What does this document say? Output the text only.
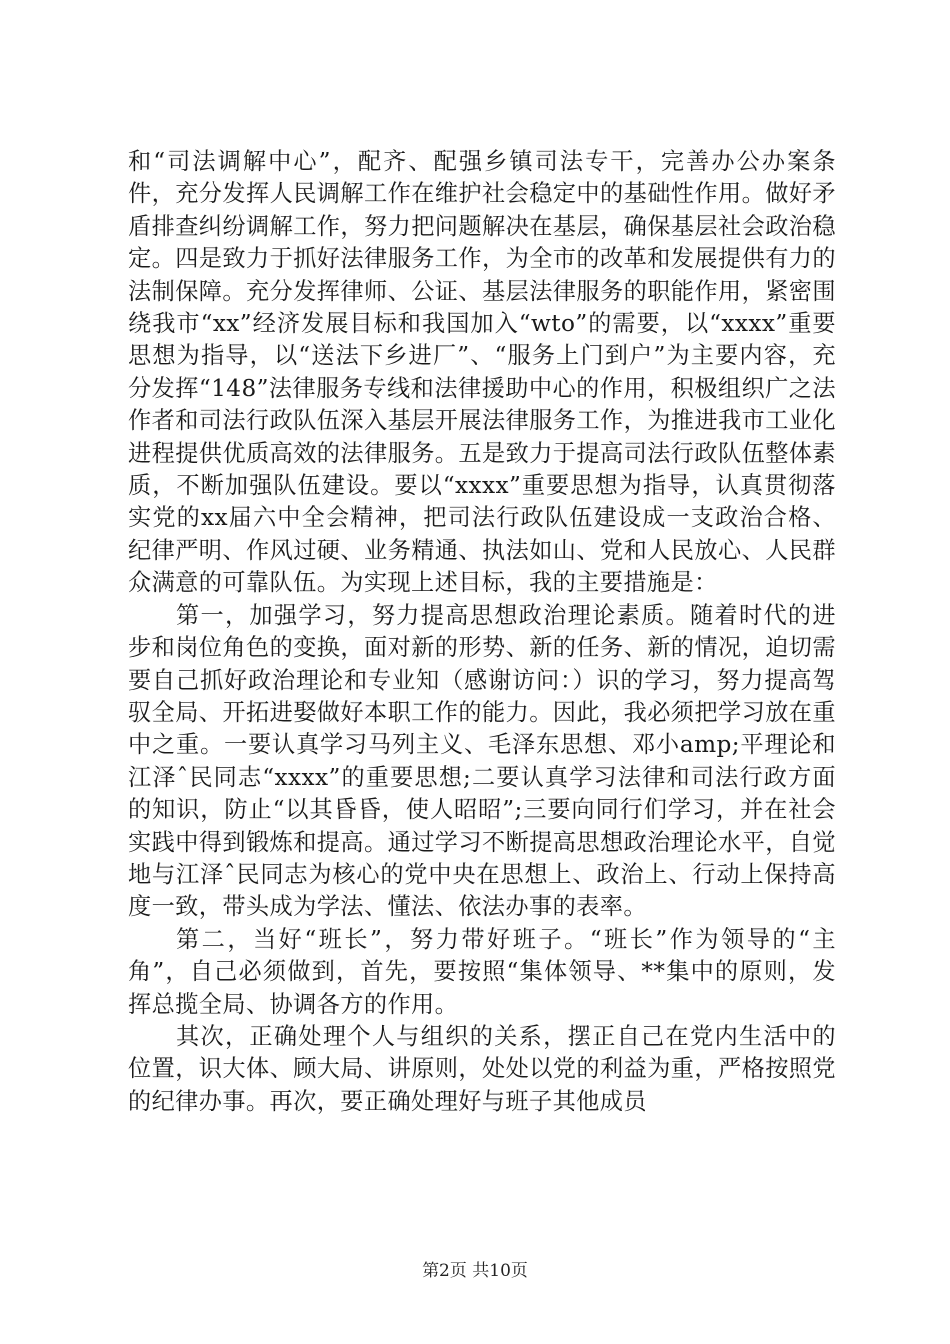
和“司法调解中心”，配齐、配强乡镇司法专干，完善办公办案条件，充分发挥人民调解工作在维护社会稳定中的基础性作用。做好矛盾排查纠纷调解工作，努力把问题解决在基层，确保基层社会政治稳定。四是致力于抓好法律服务工作，为全市的改革和发展提供有力的法制保障。充分发挥律师、公证、基层法律服务的职能作用，紧密围绕我市“xx”经济发展目标和我国加入“wto”的需要，以“xxxx”重要思想为指导，以“送法下乡进厂”、“服务上门到户”为主要内容，充分发挥“148”法律服务专线和法律援助中心的作用，积极组织广之法作者和司法行政队伍深入基层开展法律服务工作，为推进我市工业化进程提供优质高效的法律服务。五是致力于提高司法行政队伍整体素质，不断加强队伍建设。要以“xxxx”重要思想为指导，认真贯彻落实党的xx届六中全会精神，把司法行政队伍建设成一支政治合格、纪律严明、作风过硬、业务精通、执法如山、党和人民放心、人民群众满意的可靠队伍。为实现上述目标，我的主要措施是：

第一，加强学习，努力提高思想政治理论素质。随着时代的进步和岗位角色的变换，面对新的形势、新的任务、新的情况，迫切需要自己抓好政治理论和专业知（感谢访问：）识的学习，努力提高驾驭全局、开拓进娶做好本职工作的能力。因此，我必须把学习放在重中之重。一要认真学习马列主义、毛泽东思想、邓小amp;平理论和江泽ˆ民同志“xxxx”的重要思想;二要认真学习法律和司法行政方面的知识，防止“以其昏昏，使人昭昭”;三要向同行们学习，并在社会实践中得到锻炼和提高。通过学习不断提高思想政治理论水平，自觉地与江泽ˆ民同志为核心的党中央在思想上、政治上、行动上保持高度一致，带头成为学法、懂法、依法办事的表率。

第二，当好“班长”，努力带好班子。“班长”作为领导的“主角”，自己必须做到，首先，要按照“集体领导、**集中的原则，发挥总揽全局、协调各方的作用。

其次，正确处理个人与组织的关系，摆正自己在党内生活中的位置，识大体、顾大局、讲原则，处处以党的利益为重，严格按照党的纪律办事。再次，要正确处理好与班子其他成员

第2页 共10页
